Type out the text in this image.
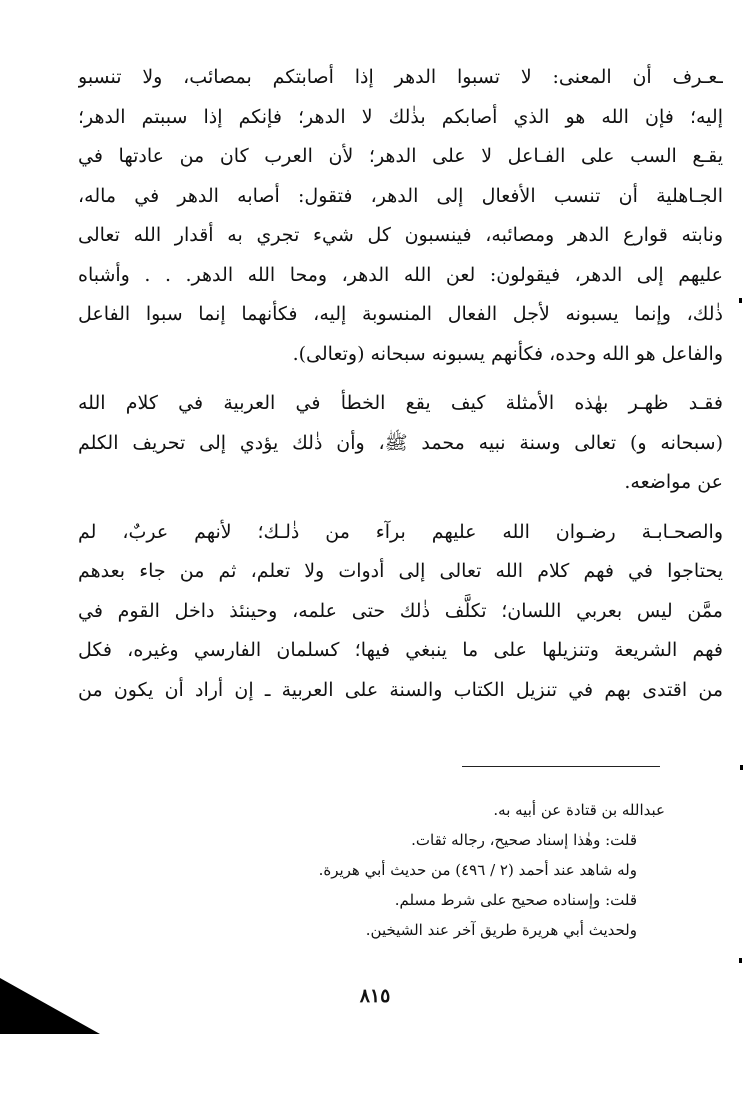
ـعـرف أن المعنى: لا تسبوا الدهر إذا أصابتكم بمصائب، ولا تنسبو
إليه؛ فإن الله هو الذي أصابكم بذٰلك لا الدهر؛ فإنكم إذا سببتم الدهر؛
يقـع السب على الفـاعل لا على الدهر؛ لأن العرب كان من عادتها في
الجـاهلية أن تنسب الأفعال إلى الدهر، فتقول: أصابه الدهر في ماله،
ونابته قوارع الدهر ومصائبه، فينسبون كل شيء تجري به أقدار الله تعالى
عليهم إلى الدهر، فيقولون: لعن الله الدهر، ومحا الله الدهر. . . وأشباه
ذٰلك، وإنما يسبونه لأجل الفعال المنسوبة إليه، فكأنهما إنما سبوا الفاعل
والفاعل هو الله وحده، فكأنهم يسبونه سبحانه (وتعالى).
فقـد ظهـر بهٰذه الأمثلة كيف يقع الخطأ في العربية في كلام الله
(سبحانه و) تعالى وسنة نبيه محمد ﷺ، وأن ذٰلك يؤدي إلى تحريف الكلم
عن مواضعه.
والصحـابـة رضـوان الله عليهم برآء من ذٰلـك؛ لأنهم عربٌ، لم
يحتاجوا في فهم كلام الله تعالى إلى أدوات ولا تعلم، ثم من جاء بعدهم
ممَّن ليس بعربي اللسان؛ تكلَّف ذٰلك حتى علمه، وحينئذ داخل القوم في
فهم الشريعة وتنزيلها على ما ينبغي فيها؛ كسلمان الفارسي وغيره، فكل
من اقتدى بهم في تنزيل الكتاب والسنة على العربية ـ إن أراد أن يكون من
عبدالله بن قتادة عن أبيه به.
قلت: وهٰذا إسناد صحيح، رجاله ثقات.
وله شاهد عند أحمد (٢ / ٤٩٦) من حديث أبي هريرة.
قلت: وإسناده صحيح على شرط مسلم.
ولحديث أبي هريرة طريق آخر عند الشيخين.
٨١٥
